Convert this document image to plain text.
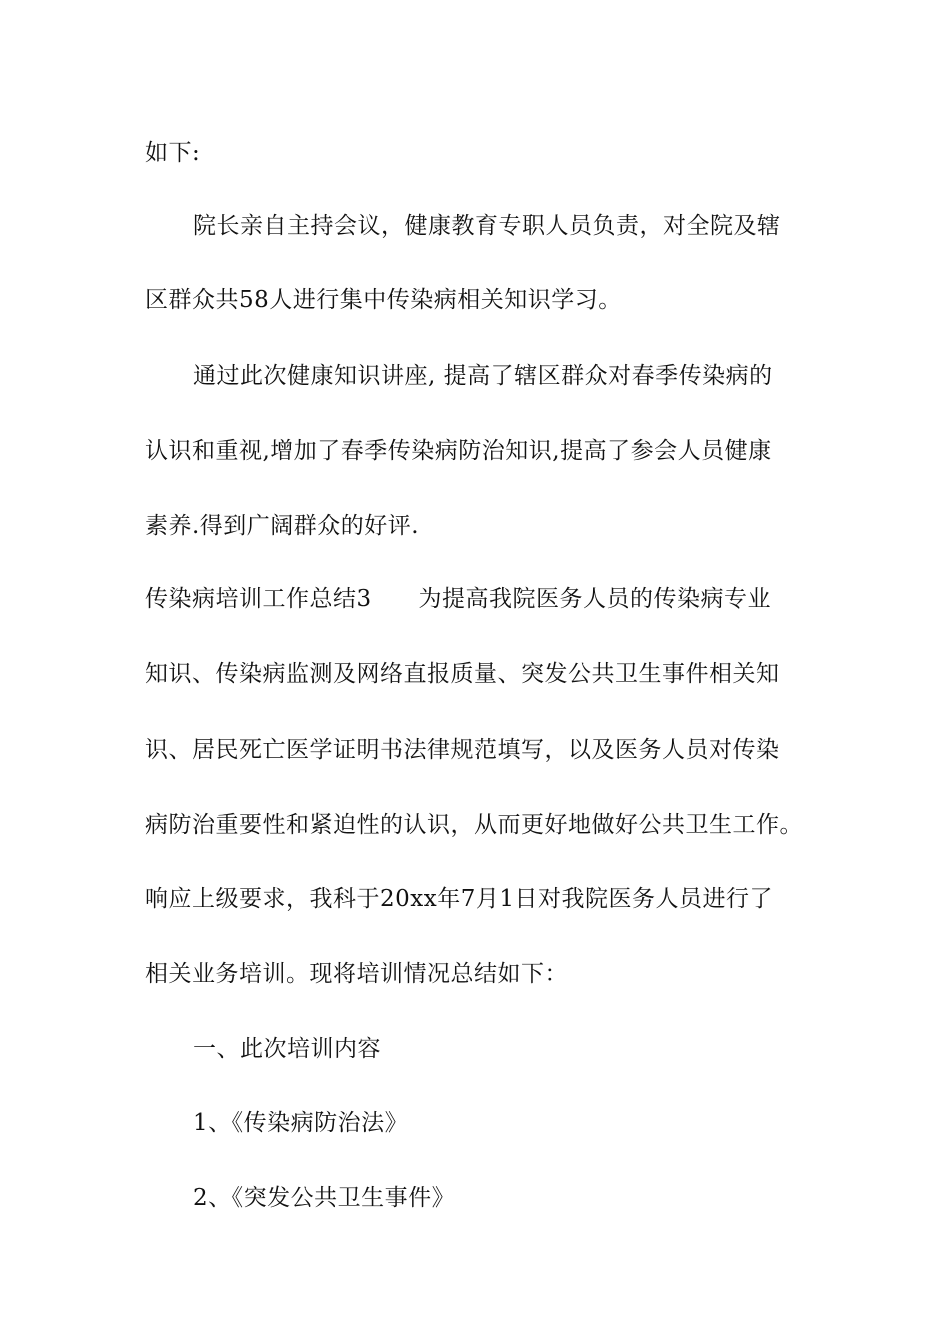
如下:
院长亲自主持会议，健康教育专职人员负责，对全院及辖
区群众共58人进行集中传染病相关知识学习。
通过此次健康知识讲座, 提高了辖区群众对春季传染病的
认识和重视,增加了春季传染病防治知识,提高了参会人员健康
素养.得到广阔群众的好评.
传染病培训工作总结3      为提高我院医务人员的传染病专业
知识、传染病监测及网络直报质量、突发公共卫生事件相关知
识、居民死亡医学证明书法律规范填写，以及医务人员对传染
病防治重要性和紧迫性的认识，从而更好地做好公共卫生工作。
响应上级要求，我科于20xx年7月1日对我院医务人员进行了
相关业务培训。现将培训情况总结如下：
一、此次培训内容
1、《传染病防治法》
2、《突发公共卫生事件》
